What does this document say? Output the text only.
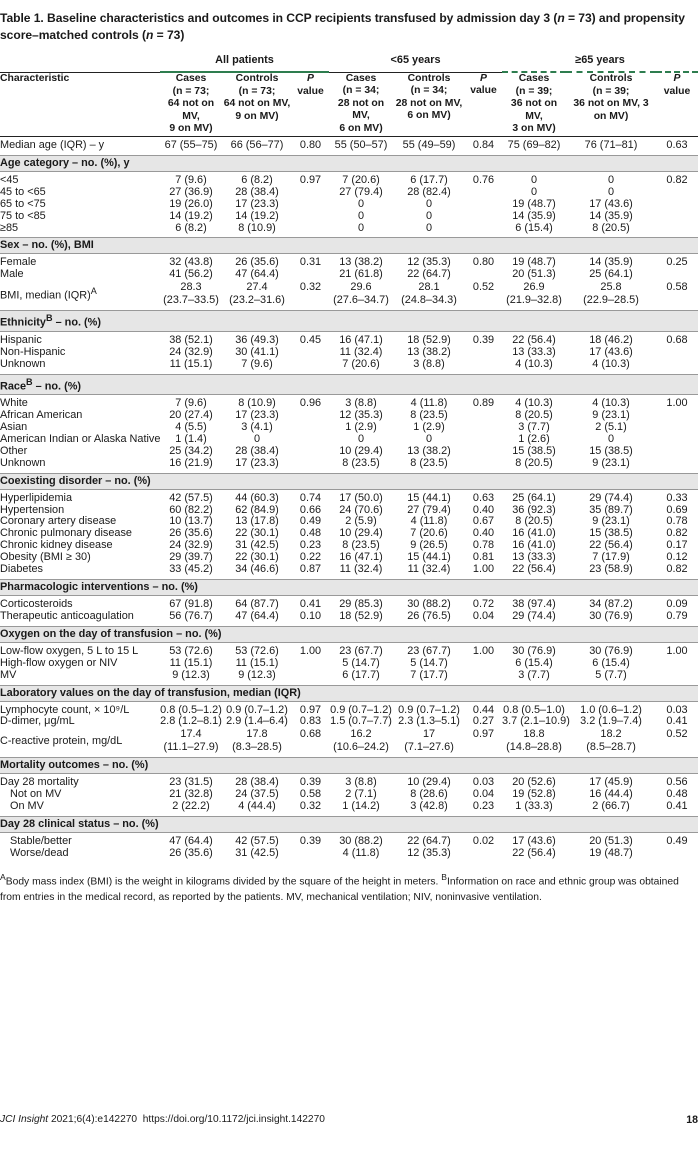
Table 1. Baseline characteristics and outcomes in CCP recipients transfused by admission day 3 (n = 73) and propensity score–matched controls (n = 73)
	All patients			<65 years			≥65 years		
Characteristic	Cases
(n = 73;
64 not on MV,
9 on MV)	Controls
(n = 73;
64 not on MV,
9 on MV)	P
value	Cases
(n = 34;
28 not on MV,
6 on MV)	Controls
(n = 34;
28 not on MV,
6 on MV)	P
value	Cases
(n = 39;
36 not on MV,
3 on MV)	Controls
(n = 39;
36 not on MV, 3
on MV)	P
value
Median age (IQR) – y	67 (55–75)	66 (56–77)	0.80	55 (50–57)	55 (49–59)	0.84	75 (69–82)	76 (71–81)	0.63
Age category – no. (%), y									
<45	7 (9.6)	6 (8.2)	0.97	7 (20.6)	6 (17.7)	0.76	0	0	0.82
45 to <65	27 (36.9)	28 (38.4)		27 (79.4)	28 (82.4)		0	0	
65 to <75	19 (26.0)	17 (23.3)		0	0		19 (48.7)	17 (43.6)	
75 to <85	14 (19.2)	14 (19.2)		0	0		14 (35.9)	14 (35.9)	
≥85	6 (8.2)	8 (10.9)		0	0		6 (15.4)	8 (20.5)	
Sex – no. (%), BMI									
Female	32 (43.8)	26 (35.6)	0.31	13 (38.2)	12 (35.3)	0.80	19 (48.7)	14 (35.9)	0.25
Male	41 (56.2)	47 (64.4)		21 (61.8)	22 (64.7)		20 (51.3)	25 (64.1)	
BMI, median (IQR)$^A$	28.3
(23.7–33.5)	27.4
(23.2–31.6)	0.32	29.6
(27.6–34.7)	28.1
(24.8–34.3)	0.52	26.9
(21.9–32.8)	25.8
(22.9–28.5)	0.58

Ethnicity$^B$ – no. (%)									
Hispanic	38 (52.1)	36 (49.3)	0.45	16 (47.1)	18 (52.9)	0.39	22 (56.4)	18 (46.2)	0.68
Non-Hispanic	24 (32.9)	30 (41.1)		11 (32.4)	13 (38.2)		13 (33.3)	17 (43.6)	
Unknown	11 (15.1)	7 (9.6)		7 (20.6)	3 (8.8)		4 (10.3)	4 (10.3)	
Race$^B$ – no. (%)									
White	7 (9.6)	8 (10.9)	0.96	3 (8.8)	4 (11.8)	0.89	4 (10.3)	4 (10.3)	1.00
African American	20 (27.4)	17 (23.3)		12 (35.3)	8 (23.5)		8 (20.5)	9 (23.1)	
Asian	4 (5.5)	3 (4.1)		1 (2.9)	1 (2.9)		3 (7.7)	2 (5.1)	
American Indian or Alaska Native	1 (1.4)	0		0	0		1 (2.6)	0	
Other	25 (34.2)	28 (38.4)		10 (29.4)	13 (38.2)		15 (38.5)	15 (38.5)	
Unknown	16 (21.9)	17 (23.3)		8 (23.5)	8 (23.5)		8 (20.5)	9 (23.1)	
Coexisting disorder – no. (%)									
Hyperlipidemia	42 (57.5)	44 (60.3)	0.74	17 (50.0)	15 (44.1)	0.63	25 (64.1)	29 (74.4)	0.33
Hypertension	60 (82.2)	62 (84.9)	0.66	24 (70.6)	27 (79.4)	0.40	36 (92.3)	35 (89.7)	0.69
Coronary artery disease	10 (13.7)	13 (17.8)	0.49	2 (5.9)	4 (11.8)	0.67	8 (20.5)	9 (23.1)	0.78
Chronic pulmonary disease	26 (35.6)	22 (30.1)	0.48	10 (29.4)	7 (20.6)	0.40	16 (41.0)	15 (38.5)	0.82
Chronic kidney disease	24 (32.9)	31 (42.5)	0.23	8 (23.5)	9 (26.5)	0.78	16 (41.0)	22 (56.4)	0.17
Obesity (BMI ≥ 30)	29 (39.7)	22 (30.1)	0.22	16 (47.1)	15 (44.1)	0.81	13 (33.3)	7 (17.9)	0.12
Diabetes	33 (45.2)	34 (46.6)	0.87	11 (32.4)	11 (32.4)	1.00	22 (56.4)	23 (58.9)	0.82
Pharmacologic interventions – no. (%)									
Corticosteroids	67 (91.8)	64 (87.7)	0.41	29 (85.3)	30 (88.2)	0.72	38 (97.4)	34 (87.2)	0.09
Therapeutic anticoagulation	56 (76.7)	47 (64.4)	0.10	18 (52.9)	26 (76.5)	0.04	29 (74.4)	30 (76.9)	0.79
Oxygen on the day of transfusion – no. (%)									
Low-flow oxygen, 5 L to 15 L	53 (72.6)	53 (72.6)	1.00	23 (67.7)	23 (67.7)	1.00	30 (76.9)	30 (76.9)	1.00
High-flow oxygen or NIV	11 (15.1)	11 (15.1)		5 (14.7)	5 (14.7)		6 (15.4)	6 (15.4)	
MV	9 (12.3)	9 (12.3)		6 (17.7)	7 (17.7)		3 (7.7)	5 (7.7)	
Laboratory values on the day of transfusion, median (IQR)									
Lymphocyte count, × 10⁹/L	0.8 (0.5–1.2)	0.9 (0.7–1.2)	0.97	0.9 (0.7–1.2)	0.9 (0.7–1.2)	0.44	0.8 (0.5–1.0)	1.0 (0.6–1.2)	0.03
D-dimer, μg/mL	2.8 (1.2–8.1)	2.9 (1.4–6.4)	0.83	1.5 (0.7–7.7)	2.3 (1.3–5.1)	0.27	3.7 (2.1–10.9)	3.2 (1.9–7.4)	0.41
C-reactive protein, mg/dL	17.4
(11.1–27.9)	17.8
(8.3–28.5)	0.68	16.2
(10.6–24.2)	17
(7.1–27.6)	0.97	18.8
(14.8–28.8)	18.2
(8.5–28.7)	0.52

Mortality outcomes – no. (%)									
Day 28 mortality	23 (31.5)	28 (38.4)	0.39	3 (8.8)	10 (29.4)	0.03	20 (52.6)	17 (45.9)	0.56
Not on MV	21 (32.8)	24 (37.5)	0.58	2 (7.1)	8 (28.6)	0.04	19 (52.8)	16 (44.4)	0.48
On MV	2 (22.2)	4 (44.4)	0.32	1 (14.2)	3 (42.8)	0.23	1 (33.3)	2 (66.7)	0.41
Day 28 clinical status – no. (%)									
Stable/better	47 (64.4)	42 (57.5)	0.39	30 (88.2)	22 (64.7)	0.02	17 (43.6)	20 (51.3)	0.49
Worse/dead	26 (35.6)	31 (42.5)		4 (11.8)	12 (35.3)		22 (56.4)	19 (48.7)	
$^A$Body mass index (BMI) is the weight in kilograms divided by the square of the height in meters. $^B$Information on race and ethnic group was obtained from entries in the medical record, as reported by the patients. MV, mechanical ventilation; NIV, noninvasive ventilation.
JCI Insight 2021;6(4):e142270 https://doi.org/10.1172/jci.insight.142270	18
